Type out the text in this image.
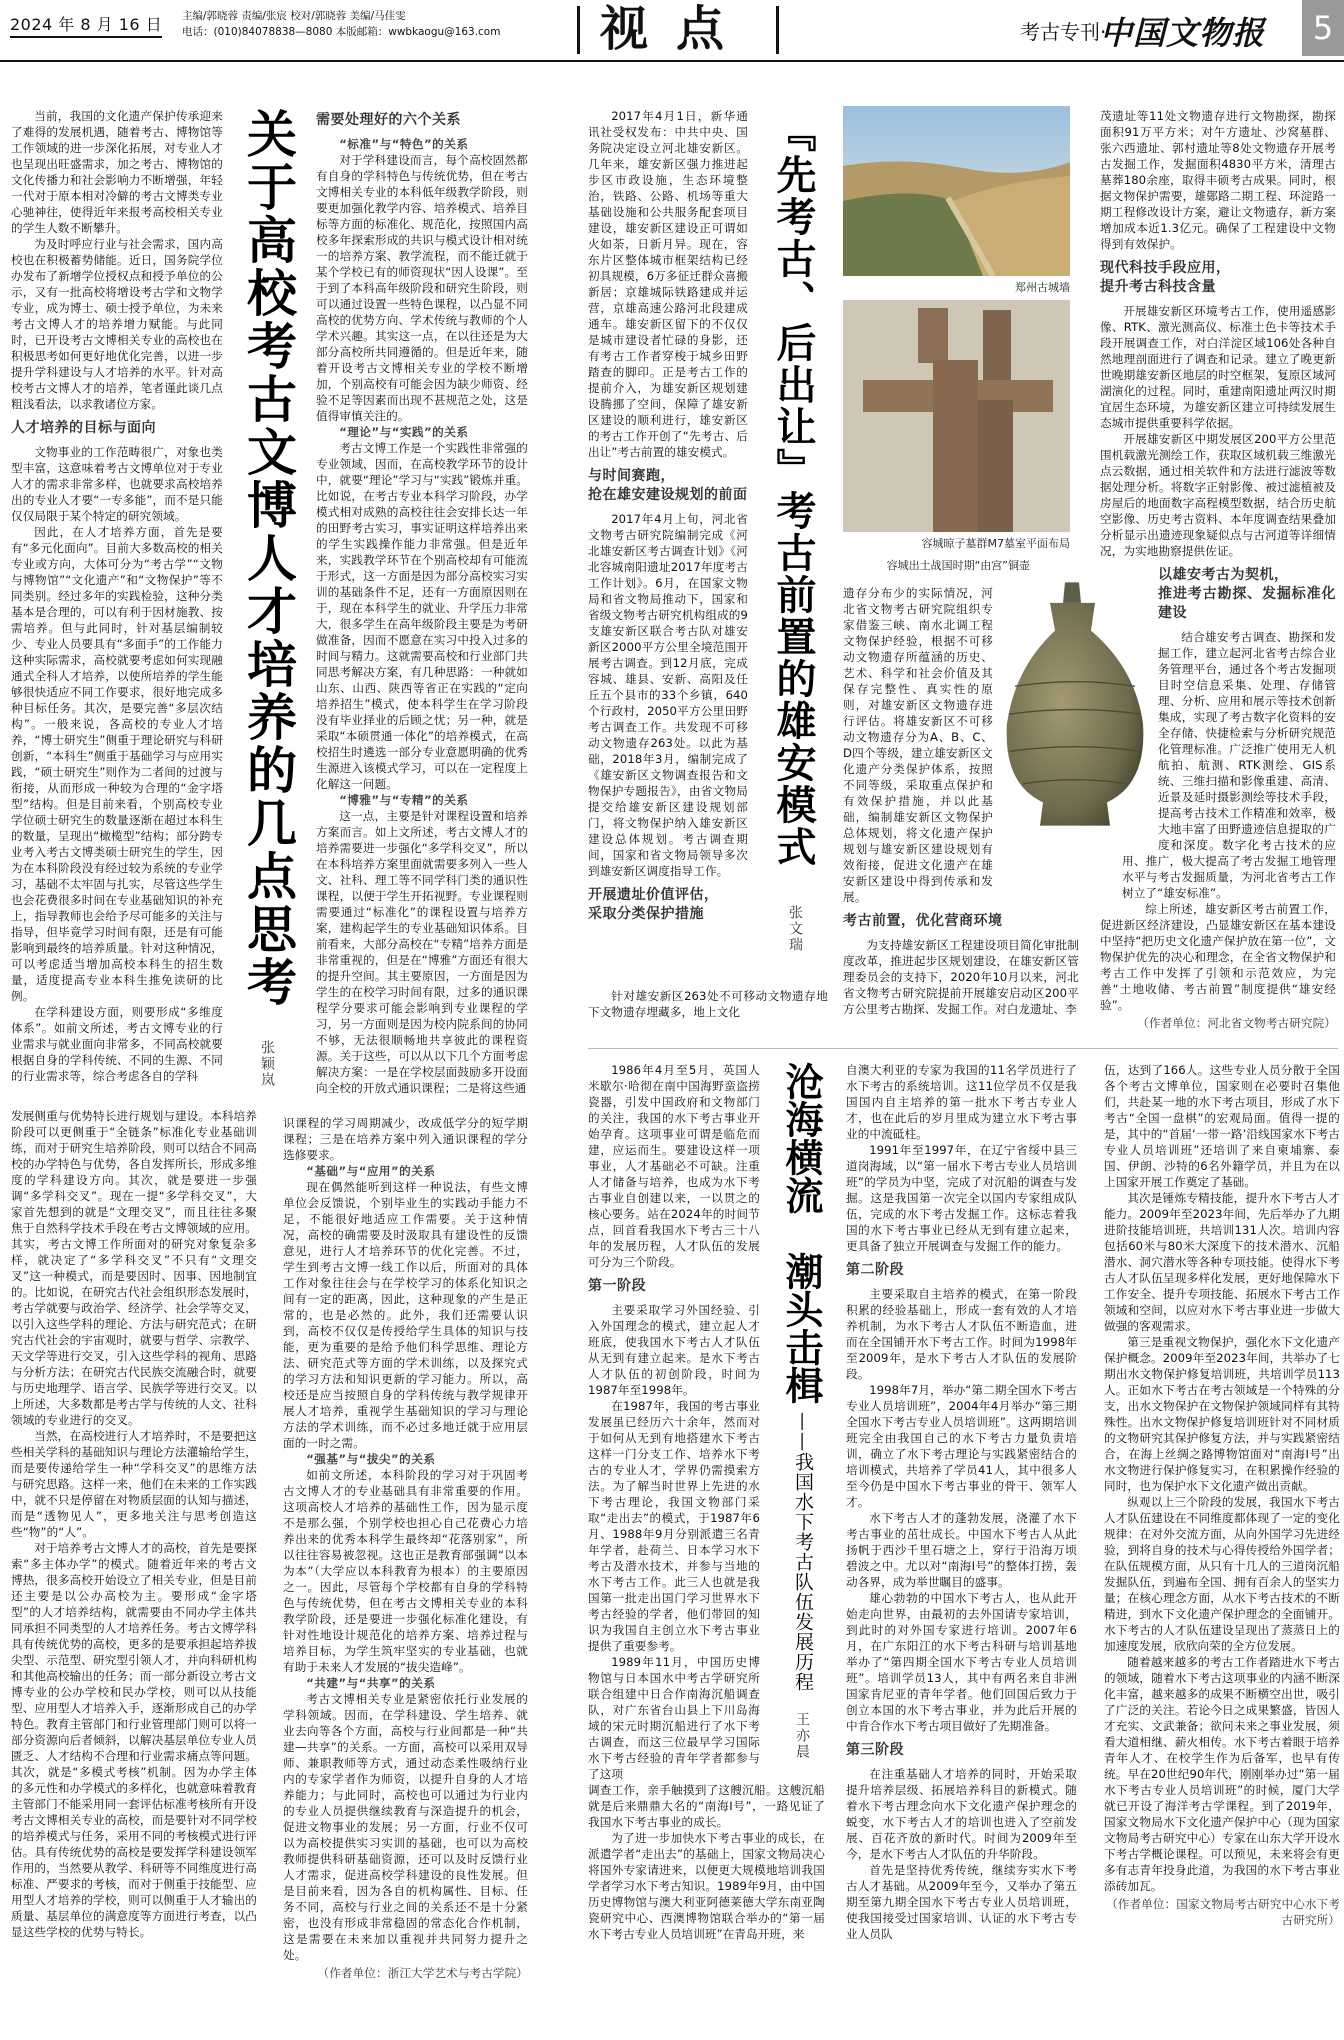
2024 年 8 月 16 日 主编/郭晓蓉 责编/张宸 校对/郭晓蓉 美编/马佳雯
电话：(010)84078838—8080 本版邮箱：wwbkaogu@163.com 视点	考古专刊·
中国文物报	5
关于高校考古文博人才培养的几点思考
张颖岚

当前，我国的文化遗产保护传承迎来了难得的发展机遇，随着考古、博物馆等工作领域的进一步深化拓展，对专业人才也呈现出旺盛需求，加之考古、博物馆的文化传播力和社会影响力不断增强，年轻一代对于原本相对冷僻的考古文博类专业心驰神往，使得近年来报考高校相关专业的学生人数不断攀升。

为及时呼应行业与社会需求，国内高校也在积极蓄势储能。近日，国务院学位办发布了新增学位授权点和授予单位的公示，又有一批高校将增设考古学和文物学专业，成为博士、硕士授予单位，为未来考古文博人才的培养增力赋能。与此同时，已开设考古文博相关专业的高校也在积极思考如何更好地优化完善，以进一步提升学科建设与人才培养的水平。针对高校考古文博人才的培养，笔者谨此谈几点粗浅看法，以求教诸位方家。

人才培养的目标与面向

文物事业的工作范畴很广，对象也类型丰富，这意味着考古文博单位对于专业人才的需求非常多样，也就要求高校培养出的专业人才要“一专多能”，而不是只能仅仅局限于某个特定的研究领域。

因此，在人才培养方面，首先是要有“多元化面向”。目前大多数高校的相关专业或方向，大体可分为“考古学”“文物与博物馆”“文化遗产”和“文物保护”等不同类别。经过多年的实践检验，这种分类基本是合理的，可以有利于因材施教、按需培养。但与此同时，针对基层编制较少、专业人员要具有“多面手”的工作能力这种实际需求，高校就要考虑如何实现融通式全科人才培养，以使所培养的学生能够很快适应不同工作要求，很好地完成多种目标任务。其次，是要完善“多层次结构”。一般来说，各高校的专业人才培养，“博士研究生”侧重于理论研究与科研创新，“本科生”侧重于基础学习与应用实践，“硕士研究生”则作为二者间的过渡与衔接，从而形成一种较为合理的“金字塔型”结构。但是目前来看，个别高校专业学位硕士研究生的数量逐渐在超过本科生的数量，呈现出“橄榄型”结构；部分跨专业考入考古文博类硕士研究生的学生，因为在本科阶段没有经过较为系统的专业学习，基础不太牢固与扎实，尽管这些学生也会花费很多时间在专业基础知识的补充上，指导教师也会给予尽可能多的关注与指导，但毕竟学习时间有限，还是有可能影响到最终的培养质量。针对这种情况，可以考虑适当增加高校本科生的招生数量，适度提高专业本科生推免读研的比例。

在学科建设方面，则要形成“多维度体系”。如前文所述，考古文博专业的行业需求与就业面向非常多，不同高校就要根据自身的学科传统、不同的生源、不同的行业需求等，综合考虑各自的学科

发展侧重与优势特长进行规划与建设。本科培养阶段可以更侧重于“全链条”标准化专业基础训练，而对于研究生培养阶段，则可以结合不同高校的办学特色与优势，各自发挥所长，形成多维度的学科建设方向。其次，就是要进一步强调“多学科交叉”。现在一提“多学科交叉”，大家首先想到的就是“文理交叉”，而且往往多聚焦于自然科学技术手段在考古文博领域的应用。其实，考古文博工作所面对的研究对象复杂多样，就决定了“多学科交叉”不只有“文理交叉”这一种模式，而是要因时、因事、因地制宜的。比如说，在研究古代社会组织形态发展时，考古学就要与政治学、经济学、社会学等交叉，以引入这些学科的理论、方法与研究范式；在研究古代社会的宇宙观时，就要与哲学、宗教学、天文学等进行交叉，引入这些学科的视角、思路与分析方法；在研究古代民族交流融合时，就要与历史地理学、语言学、民族学等进行交叉。以上所述，大多数都是考古学与传统的人文、社科领域的专业进行的交叉。

当然，在高校进行人才培养时，不是要把这些相关学科的基础知识与理论方法灌输给学生，而是要传递给学生一种“学科交叉”的思维方法与研究思路。这样一来，他们在未来的工作实践中，就不只是停留在对物质层面的认知与描述，而是“透物见人”，更多地关注与思考创造这些“物”的“人”。

对于培养考古文博人才的高校，首先是要探索“多主体办学”的模式。随着近年来的考古文博热，很多高校开始设立了相关专业，但是目前还主要是以公办高校为主。要形成“金字塔型”的人才培养结构，就需要由不同办学主体共同承担不同类型的人才培养任务。考古文博学科具有传统优势的高校，更多的是要承担起培养拔尖型、示范型、研究型引领人才，并向科研机构和其他高校输出的任务；而一部分新设立考古文博专业的公办学校和民办学校，则可以从技能型、应用型人才培养入手，逐渐形成自己的办学特色。教育主管部门和行业管理部门则可以将一部分资源向后者倾斜，以解决基层单位专业人员匮乏、人才结构不合理和行业需求痛点等问题。其次，就是“多模式考核”机制。因为办学主体的多元性和办学模式的多样化，也就意味着教育主管部门不能采用同一套评估标准考核所有开设考古文博相关专业的高校，而是要针对不同学校的培养模式与任务，采用不同的考核模式进行评估。具有传统优势的高校是要发挥学科建设领军作用的，当然要从教学、科研等不同维度进行高标准、严要求的考核，而对于侧重于技能型、应用型人才培养的学校，则可以侧重于人才输出的质量、基层单位的满意度等方面进行考查，以凸显这些学校的优势与特长。

需要处理好的六个关系

“标准”与“特色”的关系

对于学科建设而言，每个高校固然都有自身的学科特色与传统优势，但在考古文博相关专业的本科低年级教学阶段，则要更加强化教学内容、培养模式、培养目标等方面的标准化、规范化，按照国内高校多年探索形成的共识与模式设计相对统一的培养方案、教学流程，而不能迁就于某个学校已有的师资现状“因人设课”。至于到了本科高年级阶段和研究生阶段，则可以通过设置一些特色课程，以凸显不同高校的优势方向、学术传统与教师的个人学术兴趣。其实这一点，在以往还是为大部分高校所共同遵循的。但是近年来，随着开设考古文博相关专业的学校不断增加，个别高校有可能会因为缺少师资、经验不足等因素而出现不甚规范之处，这是值得审慎关注的。

“理论”与“实践”的关系

考古文博工作是一个实践性非常强的专业领域，因而，在高校教学环节的设计中，就要“理论”学习与“实践”锻炼并重。比如说，在考古专业本科学习阶段，办学模式相对成熟的高校往往会安排长达一年的田野考古实习，事实证明这样培养出来的学生实践操作能力非常强。但是近年来，实践教学环节在个别高校却有可能流于形式，这一方面是因为部分高校实习实训的基础条件不足，还有一方面原因则在于，现在本科学生的就业、升学压力非常大，很多学生在高年级阶段主要是为考研做准备，因而不愿意在实习中投入过多的时间与精力。这就需要高校和行业部门共同思考解决方案，有几种思路：一种就如山东、山西、陕西等省正在实践的“定向培养招生”模式，使本科学生在学习阶段没有毕业择业的后顾之忧；另一种，就是采取“本硕贯通一体化”的培养模式，在高校招生时遴选一部分专业意愿明确的优秀生源进入该模式学习，可以在一定程度上化解这一问题。

“博雅”与“专精”的关系

这一点，主要是针对课程设置和培养方案而言。如上文所述，考古文博人才的培养需要进一步强化“多学科交叉”，所以在本科培养方案里面就需要多列入一些人文、社科、理工等不同学科门类的通识性课程，以便于学生开拓视野。专业课程则需要通过“标准化”的课程设置与培养方案，建构起学生的专业基础知识体系。目前看来，大部分高校在“专精”培养方面是非常重视的，但是在“博雅”方面还有很大的提升空间。其主要原因，一方面是因为学生的在校学习时间有限，过多的通识课程学分要求可能会影响到专业课程的学习，另一方面则是因为校内院系间的协同不够，无法很顺畅地共享彼此的课程资源。关于这些，可以从以下几个方面考虑解决方案：一是在学校层面鼓励多开设面向全校的开放式通识课程；二是将这些通

识课程的学习周期减少，改成低学分的短学期课程；三是在培养方案中列入通识课程的学分选修要求。

“基础”与“应用”的关系

现在偶然能听到这样一种说法，有些文博单位会反馈说，个别毕业生的实践动手能力不足，不能很好地适应工作需要。关于这种情况，高校的确需要及时汲取具有建设性的反馈意见，进行人才培养环节的优化完善。不过，学生到考古文博一线工作以后，所面对的具体工作对象往往会与在学校学习的体系化知识之间有一定的距离，因此，这种现象的产生是正常的，也是必然的。此外，我们还需要认识到，高校不仅仅是传授给学生具体的知识与技能，更为重要的是给予他们科学思维、理论方法、研究范式等方面的学术训练，以及探究式的学习方法和知识更新的学习能力。所以，高校还是应当按照自身的学科传统与教学规律开展人才培养，重视学生基础知识的学习与理论方法的学术训练，而不必过多地迁就于应用层面的一时之需。

“强基”与“拔尖”的关系

如前文所述，本科阶段的学习对于巩固考古文博人才的专业基础具有非常重要的作用。这项高校人才培养的基础性工作，因为显示度不是那么强，个别学校也担心自己花费心力培养出来的优秀本科学生最终却“花落别家”，所以往往容易被忽视。这也正是教育部强调“以本为本”（大学应以本科教育为根本）的主要原因之一。因此，尽管每个学校都有自身的学科特色与传统优势，但在考古文博相关专业的本科教学阶段，还是要进一步强化标准化建设，有针对性地设计规范化的培养方案、培养过程与培养目标，为学生筑牢坚实的专业基础，也就有助于未来人才发展的“拔尖造峰”。

“共建”与“共享”的关系

考古文博相关专业是紧密依托行业发展的学科领域。因而，在学科建设、学生培养、就业去向等各个方面，高校与行业间都是一种“共建—共享”的关系。一方面，高校可以采用双导师、兼职教师等方式，通过动态柔性吸纳行业内的专家学者作为师资，以提升自身的人才培养能力；与此同时，高校也可以通过为行业内的专业人员提供继续教育与深造提升的机会，促进文物事业的发展；另一方面，行业不仅可以为高校提供实习实训的基础，也可以为高校教师提供科研基础资源，还可以及时反馈行业人才需求，促进高校学科建设的良性发展。但是目前来看，因为各自的机构属性、目标、任务不同，高校与行业之间的关系还不是十分紧密，也没有形成非常稳固的常态化合作机制，这是需要在未来加以重视并共同努力提升之处。

（作者单位：浙江大学艺术与考古学院）

『先考古、后出让』考古前置的雄安模式
张文瑞

2017年4月1日，新华通讯社受权发布：中共中央、国务院决定设立河北雄安新区。几年来，雄安新区强力推进起步区市政设施，生态环境整治，铁路、公路、机场等重大基础设施和公共服务配套项目建设，雄安新区建设正可谓如火如荼，日新月异。现在，容东片区整体城市框架结构已经初具规模，6万多征迁群众喜搬新居；京雄城际铁路建成并运营，京雄高速公路河北段建成通车。雄安新区留下的不仅仅是城市建设者忙碌的身影，还有考古工作者穿梭于城乡田野踏查的脚印。正是考古工作的提前介入，为雄安新区规划建设腾挪了空间，保障了雄安新区建设的顺利进行，雄安新区的考古工作开创了“先考古、后出让”考古前置的雄安模式。

与时间赛跑，
抢在雄安建设规划的前面

2017年4月上旬，河北省文物考古研究院编制完成《河北雄安新区考古调查计划》《河北容城南阳遗址2017年度考古工作计划》。6月，在国家文物局和省文物局推动下，国家和省级文物考古研究机构组成的9支雄安新区联合考古队对雄安新区2000平方公里全境范围开展考古调查。到12月底，完成容城、雄县、安新、高阳及任丘五个县市的33个乡镇，640个行政村，2050平方公里田野考古调查工作。共发现不可移动文物遗存263处。以此为基础，2018年3月，编制完成了《雄安新区文物调查报告和文物保护专题报告》，由省文物局提交给雄安新区建设规划部门，将文物保护纳入雄安新区建设总体规划。考古调查期间，国家和省文物局领导多次到雄安新区调度指导工作。

开展遗址价值评估，
采取分类保护措施

针对雄安新区263处不可移动文物遗存地下文物遗存埋藏多，地上文化

郑州古城墙
容城晾子墓群M7墓室平面布局
容城出土战国时期“由宫”铜壶

遗存分布少的实际情况，河北省文物考古研究院组织专家借鉴三峡、南水北调工程文物保护经验，根据不可移动文物遗存所蕴涵的历史、艺术、科学和社会价值及其保存完整性、真实性的原则，对雄安新区文物遗存进行评估。将雄安新区不可移动文物遗存分为A、B、C、D四个等级，建立雄安新区文化遗产分类保护体系，按照不同等级，采取重点保护和有效保护措施，并以此基础，编制雄安新区文物保护总体规划，将文化遗产保护规划与雄安新区建设规划有效衔接，促进文化遗产在雄安新区建设中得到传承和发展。

考古前置，优化营商环境

为支持雄安新区工程建设项目简化审批制度改革，推进起步区规划建设，在雄安新区管理委员会的支持下，2020年10月以来，河北省文物考古研究院提前开展雄安启动区200平方公里考古勘探、发掘工作。对白龙遗址、李

茂遗址等11处文物遗存进行文物勘探，勘探面积91万平方米；对午方遗址、沙窝墓群、张六西遗址、郭村遗址等8处文物遗存开展考古发掘工作，发掘面积4830平方米，清理古墓葬180余座，取得丰硕考古成果。同时，根据文物保护需要，雄鄚路二期工程、环淀路一期工程修改设计方案，避让文物遗存，新方案增加成本近1.3亿元。确保了工程建设中文物得到有效保护。

现代科技手段应用，
提升考古科技含量

开展雄安新区环境考古工作，使用遥感影像、RTK、激光测高仪、标准土色卡等技术手段开展调查工作，对白洋淀区域106处各种自然地理剖面进行了调查和记录。建立了晚更新世晚期雄安新区地层的时空框架，复原区域河湖演化的过程。同时，重建南阳遗址两汉时期宜居生态环境，为雄安新区建立可持续发展生态城市提供重要科学依据。

开展雄安新区中期发展区200平方公里范围机载激光测绘工作，获取区域机载三维激光点云数据，通过相关软件和方法进行滤波等数据处理分析。将数字正射影像、被过滤植被及房屋后的地面数字高程模型数据，结合历史航空影像、历史考古资料、本年度调查结果叠加分析显示出遗迹现象疑似点与古河道等详细情况，为实地勘察提供佐证。

以雄安考古为契机，
推进考古勘探、发掘标准化建设

结合雄安考古调查、勘探和发掘工作，建立起河北省考古综合业务管理平台，通过各个考古发掘项目时空信息采集、处理、存储管理、分析、应用和展示等技术创新集成，实现了考古数字化资料的安全存储、快捷检索与分析研究规范化管理标准。广泛推广使用无人机航拍、航测、RTK测绘、GIS系统、三维扫描和影像重建、高清、近景及延时摄影测绘等技术手段，提高考古技术工作精准和效率，极大地丰富了田野遗迹信息提取的广度和深度。数字化考古技术的应用、推广，极大提高了考古发掘工地管理水平与考古发掘质量，为河北省考古工作树立了“雄安标准”。

综上所述，雄安新区考古前置工作，促进新区经济建设，凸显雄安新区在基本建设中坚持“把历史文化遗产保护放在第一位”，文物保护优先的决心和理念，在全省文物保护和考古工作中发挥了引领和示范效应，为完善“土地收储、考古前置”制度提供“雄安经验”。

（作者单位：河北省文物考古研究院）

沧海横流　潮头击楫
——我国水下考古队伍发展历程
王亦晨

1986年4月至5月，英国人米歇尔·哈彻在南中国海野蛮盗捞瓷器，引发中国政府和文物部门的关注，我国的水下考古事业开始孕育。这项事业可谓是临危而建，应运而生。要建设这样一项事业，人才基础必不可缺。注重人才储备与培养，也成为水下考古事业自创建以来，一以贯之的核心要务。站在2024年的时间节点，回首看我国水下考古三十八年的发展历程，人才队伍的发展可分为三个阶段。

第一阶段

主要采取学习外国经验、引入外国理念的模式，建立起人才班底，使我国水下考古人才队伍从无到有建立起来。是水下考古人才队伍的初创阶段，时间为1987年至1998年。

在1987年，我国的考古事业发展虽已经历六十余年，然而对于如何从无到有地搭建水下考古这样一门分支工作、培养水下考古的专业人才，学界仍需摸索方法。为了解当时世界上先进的水下考古理论，我国文物部门采取“走出去”的模式，于1987年6月、1988年9月分别派遣三名青年学者，赴荷兰、日本学习水下考古及潜水技术，并参与当地的水下考古工作。此三人也就是我国第一批走出国门学习世界水下考古经验的学者，他们带回的知识为我国自主创立水下考古事业提供了重要参考。

1989年11月，中国历史博物馆与日本国水中考古学研究所联合组建中日合作南海沉船调查队，对广东省台山县上下川岛海域的宋元时期沉船进行了水下考古调查，而这三位最早学习国际水下考古经验的青年学者都参与了这项

调查工作，亲手触摸到了这艘沉船。这艘沉船就是后来鼎鼎大名的“南海Ⅰ号”，一路见证了我国水下考古事业的成长。

为了进一步加快水下考古事业的成长，在派遣学者“走出去”的基础上，国家文物局决心将国外专家请进来，以便更大规模地培训我国学者学习水下考古知识。1989年9月，由中国历史博物馆与澳大利亚阿德莱德大学东南亚陶瓷研究中心、西澳博物馆联合举办的“第一届水下考古专业人员培训班”在青岛开班，来

自澳大利亚的专家为我国的11名学员进行了水下考古的系统培训。这11位学员不仅是我国国内自主培养的第一批水下考古专业人才，也在此后的岁月里成为建立水下考古事业的中流砥柱。

1991年至1997年，在辽宁省绥中县三道岗海域，以“第一届水下考古专业人员培训班”的学员为中坚，完成了对沉船的调查与发掘。这是我国第一次完全以国内专家组成队伍，完成的水下考古发掘工作。这标志着我国的水下考古事业已经从无到有建立起来，更具备了独立开展调查与发掘工作的能力。

第二阶段

主要采取自主培养的模式，在第一阶段积累的经验基础上，形成一套有效的人才培养机制，为水下考古人才队伍不断造血，进而在全国铺开水下考古工作。时间为1998年至2009年，是水下考古人才队伍的发展阶段。

1998年7月，举办“第二期全国水下考古专业人员培训班”，2004年4月举办“第三期全国水下考古专业人员培训班”。这两期培训班完全由我国自己的水下考古力量负责培训，确立了水下考古理论与实践紧密结合的培训模式，共培养了学员41人，其中很多人至今仍是中国水下考古事业的骨干、领军人才。

水下考古人才的蓬勃发展，浇灌了水下考古事业的茁壮成长。中国水下考古人从此扬帆于西沙千里石塘之上，穿行于沿海万顷碧波之中。尤以对“南海Ⅰ号”的整体打捞，轰动各界，成为举世瞩目的盛事。

雄心勃勃的中国水下考古人，也从此开始走向世界，由最初的去外国请专家培训，到此时的对外国专家进行培训。2007年6月，在广东阳江的水下考古科研与培训基地举办了“第四期全国水下考古专业人员培训班”。培训学员13人，其中有两名来自非洲国家肯尼亚的青年学者。他们回国后致力于创立本国的水下考古事业，并为此后开展的中肯合作水下考古项目做好了先期准备。

第三阶段

在注重基础人才培养的同时，开始采取提升培养层级、拓展培养科目的新模式。随着水下考古理念向水下文化遗产保护理念的蜕变，水下考古人才的培训也进入了空前发展、百花齐放的新时代。时间为2009年至今，是水下考古人才队伍的升华阶段。

首先是坚持优秀传统，继续夯实水下考古人才基础。从2009年至今，又举办了第五期至第九期全国水下考古专业人员培训班，使我国接受过国家培训、认证的水下考古专业人员队

伍，达到了166人。这些专业人员分散于全国各个考古文博单位，国家则在必要时召集他们，共赴某一地的水下考古项目，形成了水下考古“全国一盘棋”的宏观局面。值得一提的是，其中的“首届‘一带一路’沿线国家水下考古专业人员培训班”还培训了来自柬埔寨、泰国、伊朗、沙特的6名外籍学员，并且为在以上国家开展工作奠定了基础。

其次是锤炼专精技能，提升水下考古人才能力。2009年至2023年间，先后举办了九期进阶技能培训班，共培训131人次。培训内容包括60米与80米大深度下的技术潜水、沉船潜水、洞穴潜水等各种专项技能。使得水下考古人才队伍呈现多样化发展，更好地保障水下工作安全、提升专项技能、拓展水下考古工作领域和空间，以应对水下考古事业进一步做大做强的客观需求。

第三是重视文物保护，强化水下文化遗产保护概念。2009年至2023年间，共举办了七期出水文物保护修复培训班，共培训学员113人。正如水下考古在考古领域是一个特殊的分支，出水文物保护在文物保护领域同样有其特殊性。出水文物保护修复培训班针对不同材质的文物研究其保护修复方法，并与实践紧密结合，在海上丝绸之路博物馆面对“南海Ⅰ号”出水文物进行保护修复实习，在积累操作经验的同时，也为保护水下文化遗产做出贡献。

纵观以上三个阶段的发展，我国水下考古人才队伍建设在不同维度都体现了一定的变化规律：在对外交流方面，从向外国学习先进经验，到将自身的技术与心得传授给外国学者；在队伍规模方面，从只有十几人的三道岗沉船发掘队伍，到遍布全国、拥有百余人的坚实力量；在核心理念方面，从水下考古技术的不断精进，到水下文化遗产保护理念的全面铺开。水下考古的人才队伍建设呈现出了蒸蒸日上的加速度发展，欣欣向荣的全方位发展。

随着越来越多的考古工作者踏进水下考古的领域，随着水下考古这项事业的内涵不断深化丰富，越来越多的成果不断横空出世，吸引了广泛的关注。若论今日之成果繁盛，皆因人才充实、文武兼备；欲问未来之事业发展，须看大道相继、薪火相传。水下考古着眼于培养青年人才、在校学生作为后备军，也早有传统。早在20世纪90年代，刚刚举办过“第一届水下考古专业人员培训班”的时候，厦门大学就已开设了海洋考古学课程。到了2019年，国家文物局水下文化遗产保护中心（现为国家文物局考古研究中心）专家在山东大学开设水下考古学概论课程。可以预见，未来将会有更多有志青年投身此道，为我国的水下考古事业添砖加瓦。

（作者单位：国家文物局考古研究中心水下考古研究所）
